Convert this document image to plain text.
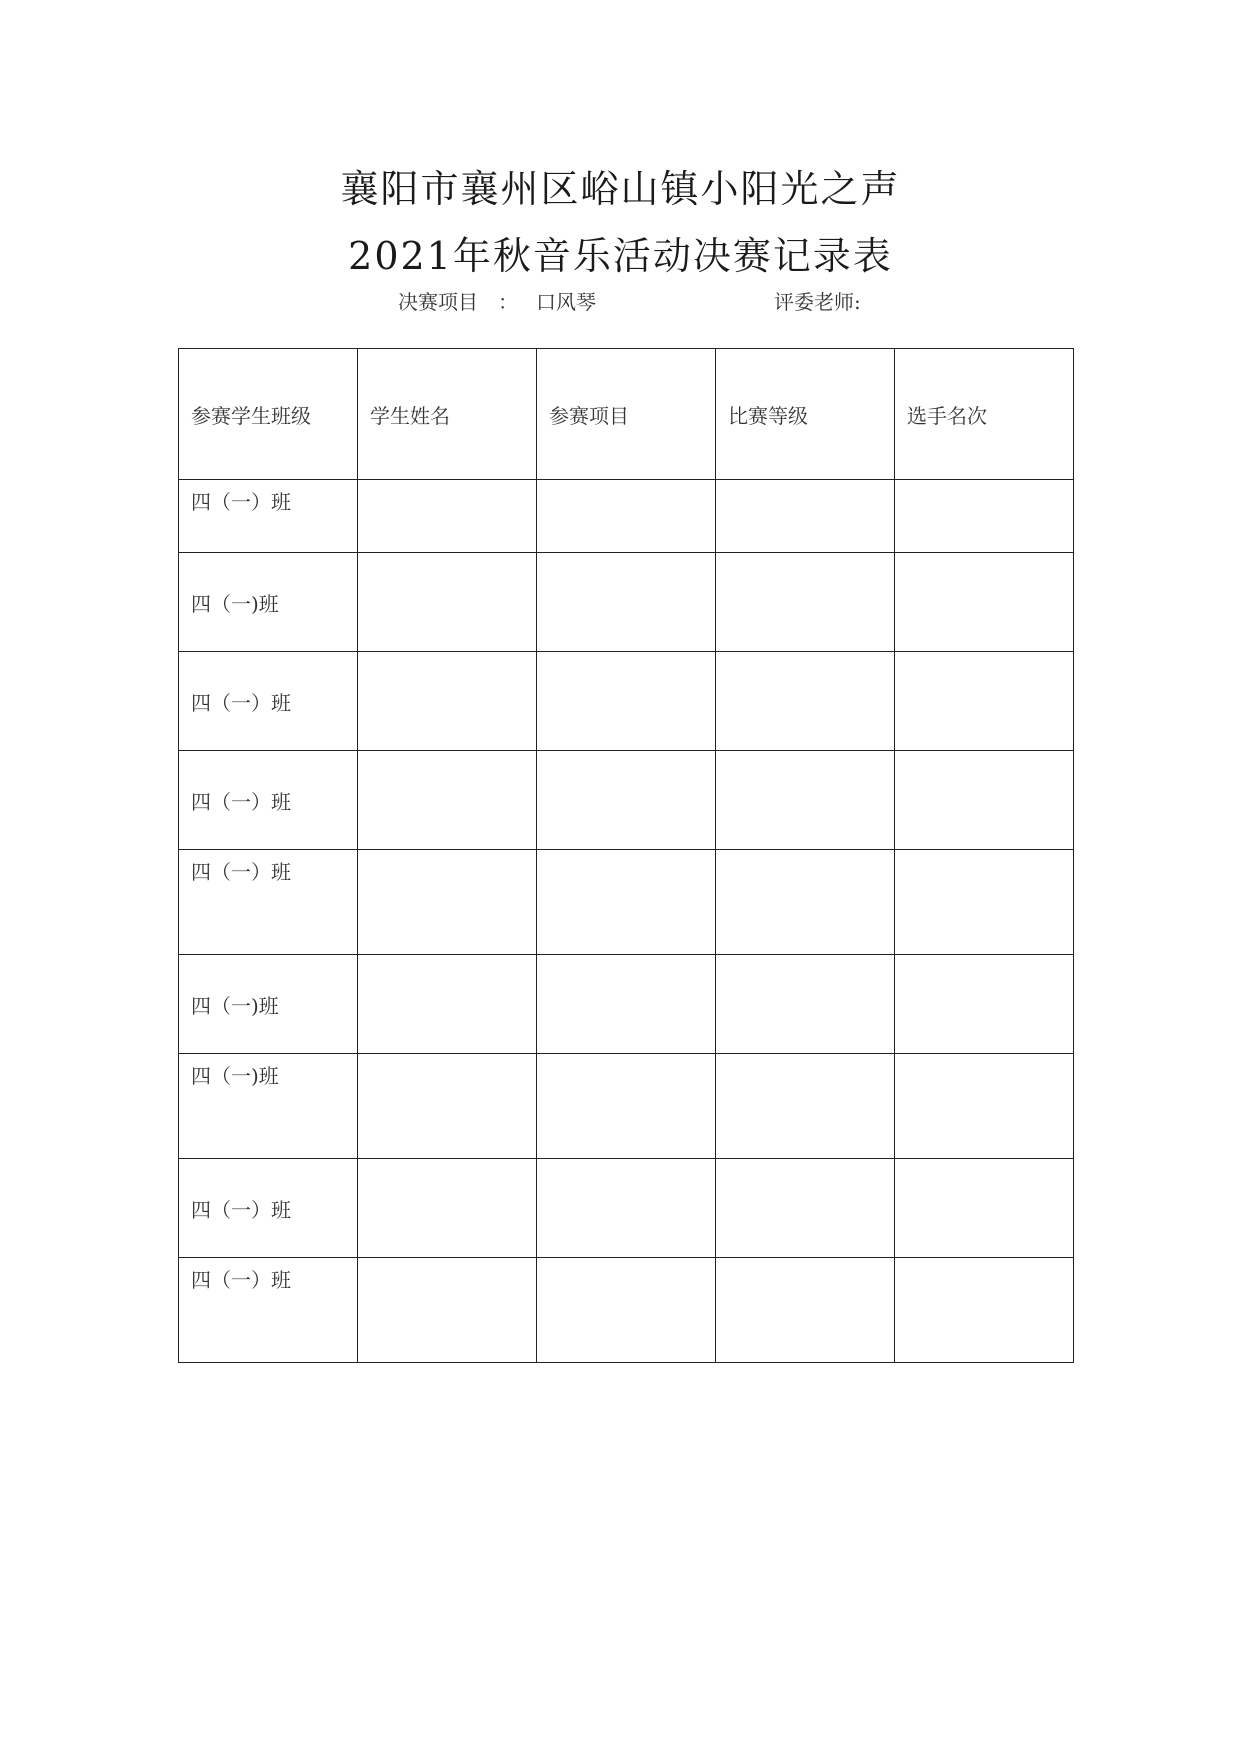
襄阳市襄州区峪山镇小阳光之声
2021年秋音乐活动决赛记录表
决赛项目 ： 口风琴	评委老师:
参赛学生班级	学生姓名	参赛项目	比赛等级	选手名次
四（一）班				
四（一)班				
四（一）班				
四（一）班				
四（一）班				
四（一)班				
四（一)班				
四（一）班				
四（一）班				
